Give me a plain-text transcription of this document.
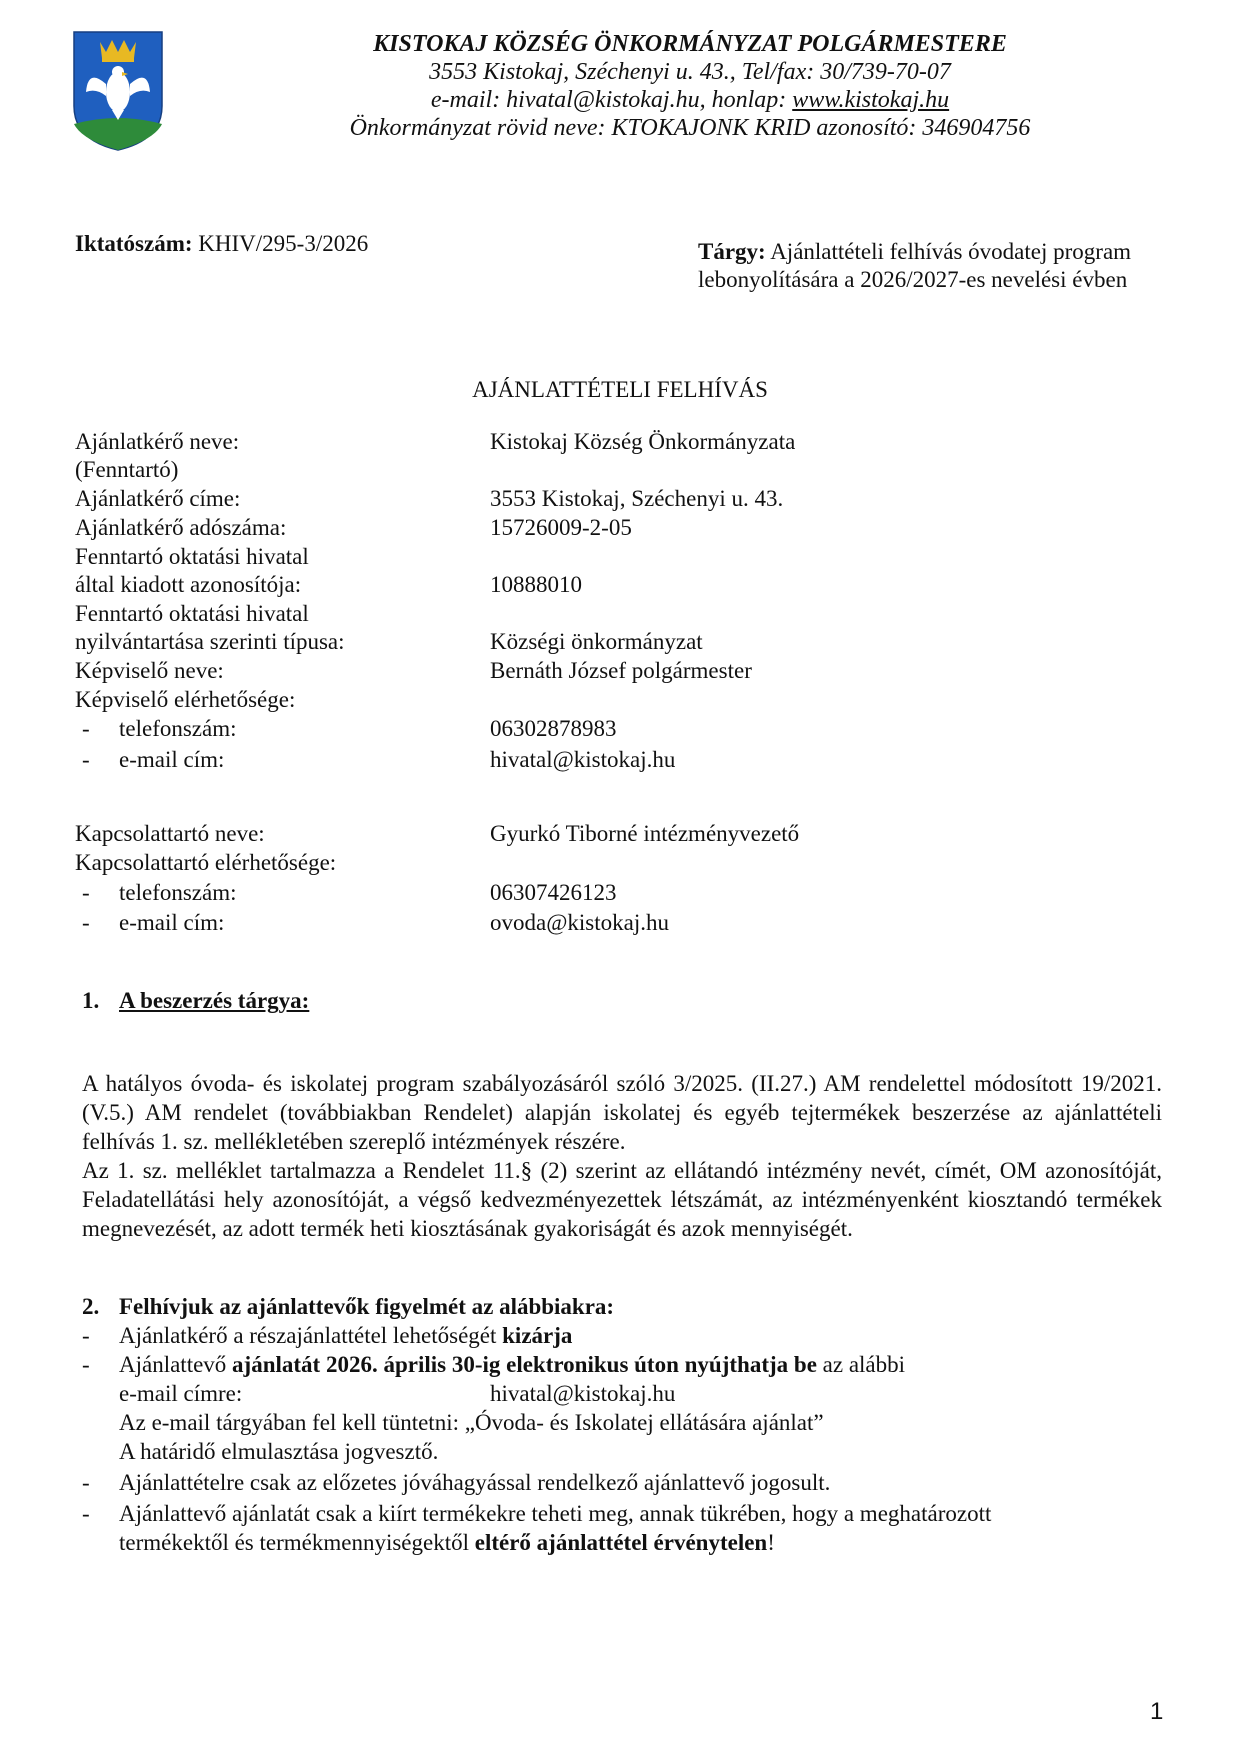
KISTOKAJ KÖZSÉG ÖNKORMÁNYZAT POLGÁRMESTERE
3553 Kistokaj, Széchenyi u. 43., Tel/fax: 30/739-70-07
e-mail: hivatal@kistokaj.hu, honlap: www.kistokaj.hu
Önkormányzat rövid neve: KTOKAJONK KRID azonosító: 346904756
Iktatószám: KHIV/295-3/2026	Tárgy: Ajánlattételi felhívás óvodatej program
lebonyolítására a 2026/2027-es nevelési évben
AJÁNLATTÉTELI FELHÍVÁS
Ajánlatkérő neve:	Kistokaj Község Önkormányzata
(Fenntartó)
Ajánlatkérő címe:	3553 Kistokaj, Széchenyi u. 43.
Ajánlatkérő adószáma:	15726009-2-05
Fenntartó oktatási hivatal
által kiadott azonosítója:	10888010
Fenntartó oktatási hivatal
nyilvántartása szerinti típusa:	Községi önkormányzat
Képviselő neve:	Bernáth József polgármester
Képviselő elérhetősége:
- telefonszám:	06302878983
- e-mail cím:	hivatal@kistokaj.hu
Kapcsolattartó neve:	Gyurkó Tiborné intézményvezető
Kapcsolattartó elérhetősége:
- telefonszám:	06307426123
- e-mail cím:	ovoda@kistokaj.hu
1. A beszerzés tárgya:
A hatályos óvoda- és iskolatej program szabályozásáról szóló 3/2025. (II.27.) AM rendelettel módosított 19/2021. (V.5.) AM rendelet (továbbiakban Rendelet) alapján iskolatej és egyéb tejtermékek beszerzése az ajánlattételi felhívás 1. sz. mellékletében szereplő intézmények részére.
Az 1. sz. melléklet tartalmazza a Rendelet 11.§ (2) szerint az ellátandó intézmény nevét, címét, OM azonosítóját, Feladatellátási hely azonosítóját, a végső kedvezményezettek létszámát, az intézményenként kiosztandó termékek megnevezését, az adott termék heti kiosztásának gyakoriságát és azok mennyiségét.
2. Felhívjuk az ajánlattevők figyelmét az alábbiakra:
- Ajánlatkérő a részajánlattétel lehetőségét kizárja
- Ajánlattevő ajánlatát 2026. április 30-ig elektronikus úton nyújthatja be az alábbi
e-mail címre:	hivatal@kistokaj.hu
Az e-mail tárgyában fel kell tüntetni: „Óvoda- és Iskolatej ellátására ajánlat”
A határidő elmulasztása jogvesztő.
- Ajánlattételre csak az előzetes jóváhagyással rendelkező ajánlattevő jogosult.
- Ajánlattevő ajánlatát csak a kiírt termékekre teheti meg, annak tükrében, hogy a meghatározott
termékektől és termékmennyiségektől eltérő ajánlattétel érvénytelen!
1
